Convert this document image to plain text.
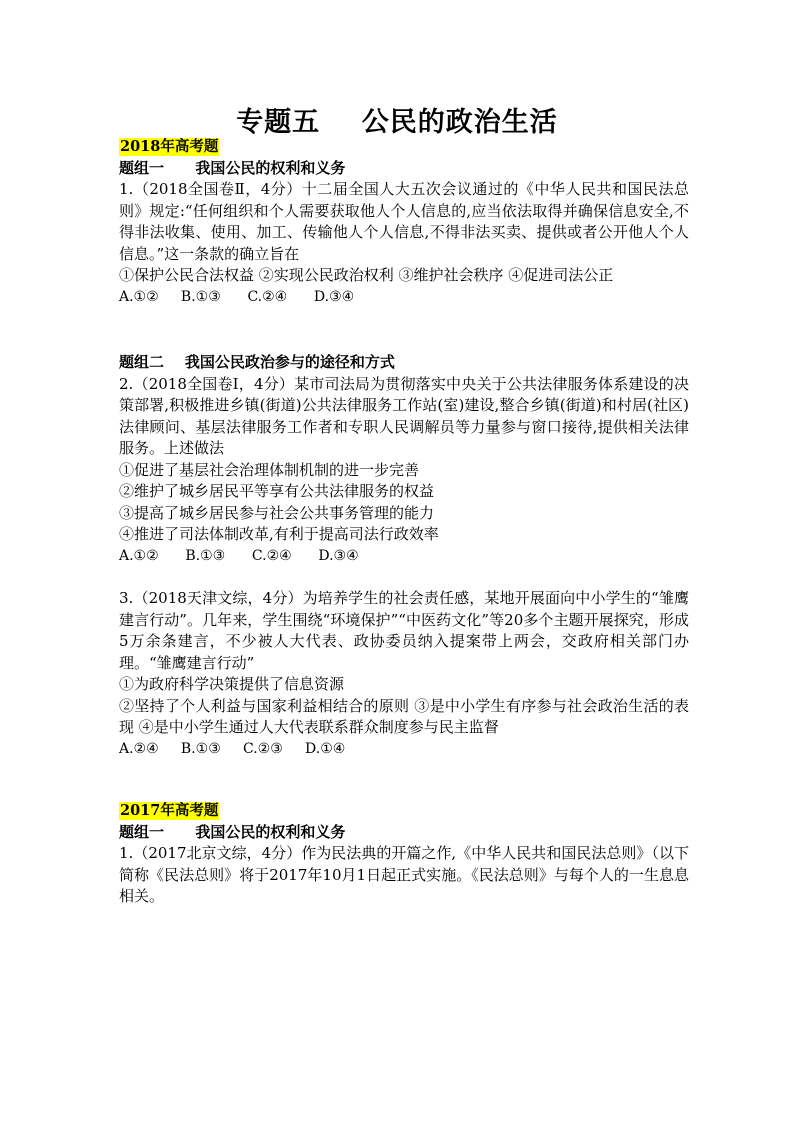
专题五    公民的政治生活
2018年高考题
题组一      我国公民的权利和义务

1.（2018全国卷Ⅱ，4分）十二届全国人大五次会议通过的《中华人民共和国民法总则》规定:“任何组织和个人需要获取他人个人信息的,应当依法取得并确保信息安全,不得非法收集、使用、加工、传输他人个人信息,不得非法买卖、提供或者公开他人个人信息。”这一条款的确立旨在

①保护公民合法权益 ②实现公民政治权利 ③维护社会秩序 ④促进司法公正

A.①②     B.①③      C.②④      D.③④
题组二    我国公民政治参与的途径和方式

2.（2018全国卷Ⅰ，4分）某市司法局为贯彻落实中央关于公共法律服务体系建设的决策部署,积极推进乡镇(街道)公共法律服务工作站(室)建设,整合乡镇(街道)和村居(社区)法律顾问、基层法律服务工作者和专职人民调解员等力量参与窗口接待,提供相关法律服务。上述做法

①促进了基层社会治理体制机制的进一步完善
②维护了城乡居民平等享有公共法律服务的权益
③提高了城乡居民参与社会公共事务管理的能力
④推进了司法体制改革,有利于提高司法行政效率
A.①②      B.①③      C.②④      D.③④

3.（2018天津文综，4分）为培养学生的社会责任感，某地开展面向中小学生的“雏鹰建言行动”。几年来，学生围绕“环境保护”“中医药文化”等20多个主题开展探究，形成5万余条建言，不少被人大代表、政协委员纳入提案带上两会，交政府相关部门办理。“雏鹰建言行动”

①为政府科学决策提供了信息资源

②坚持了个人利益与国家利益相结合的原则 ③是中小学生有序参与社会政治生活的表现 ④是中小学生通过人大代表联系群众制度参与民主监督

A.②④     B.①③     C.②③     D.①④
2017年高考题
题组一      我国公民的权利和义务

1.（2017北京文综，4分）作为民法典的开篇之作,《中华人民共和国民法总则》（以下简称《民法总则》将于2017年10月1日起正式实施。《民法总则》与每个人的一生息息相关。
